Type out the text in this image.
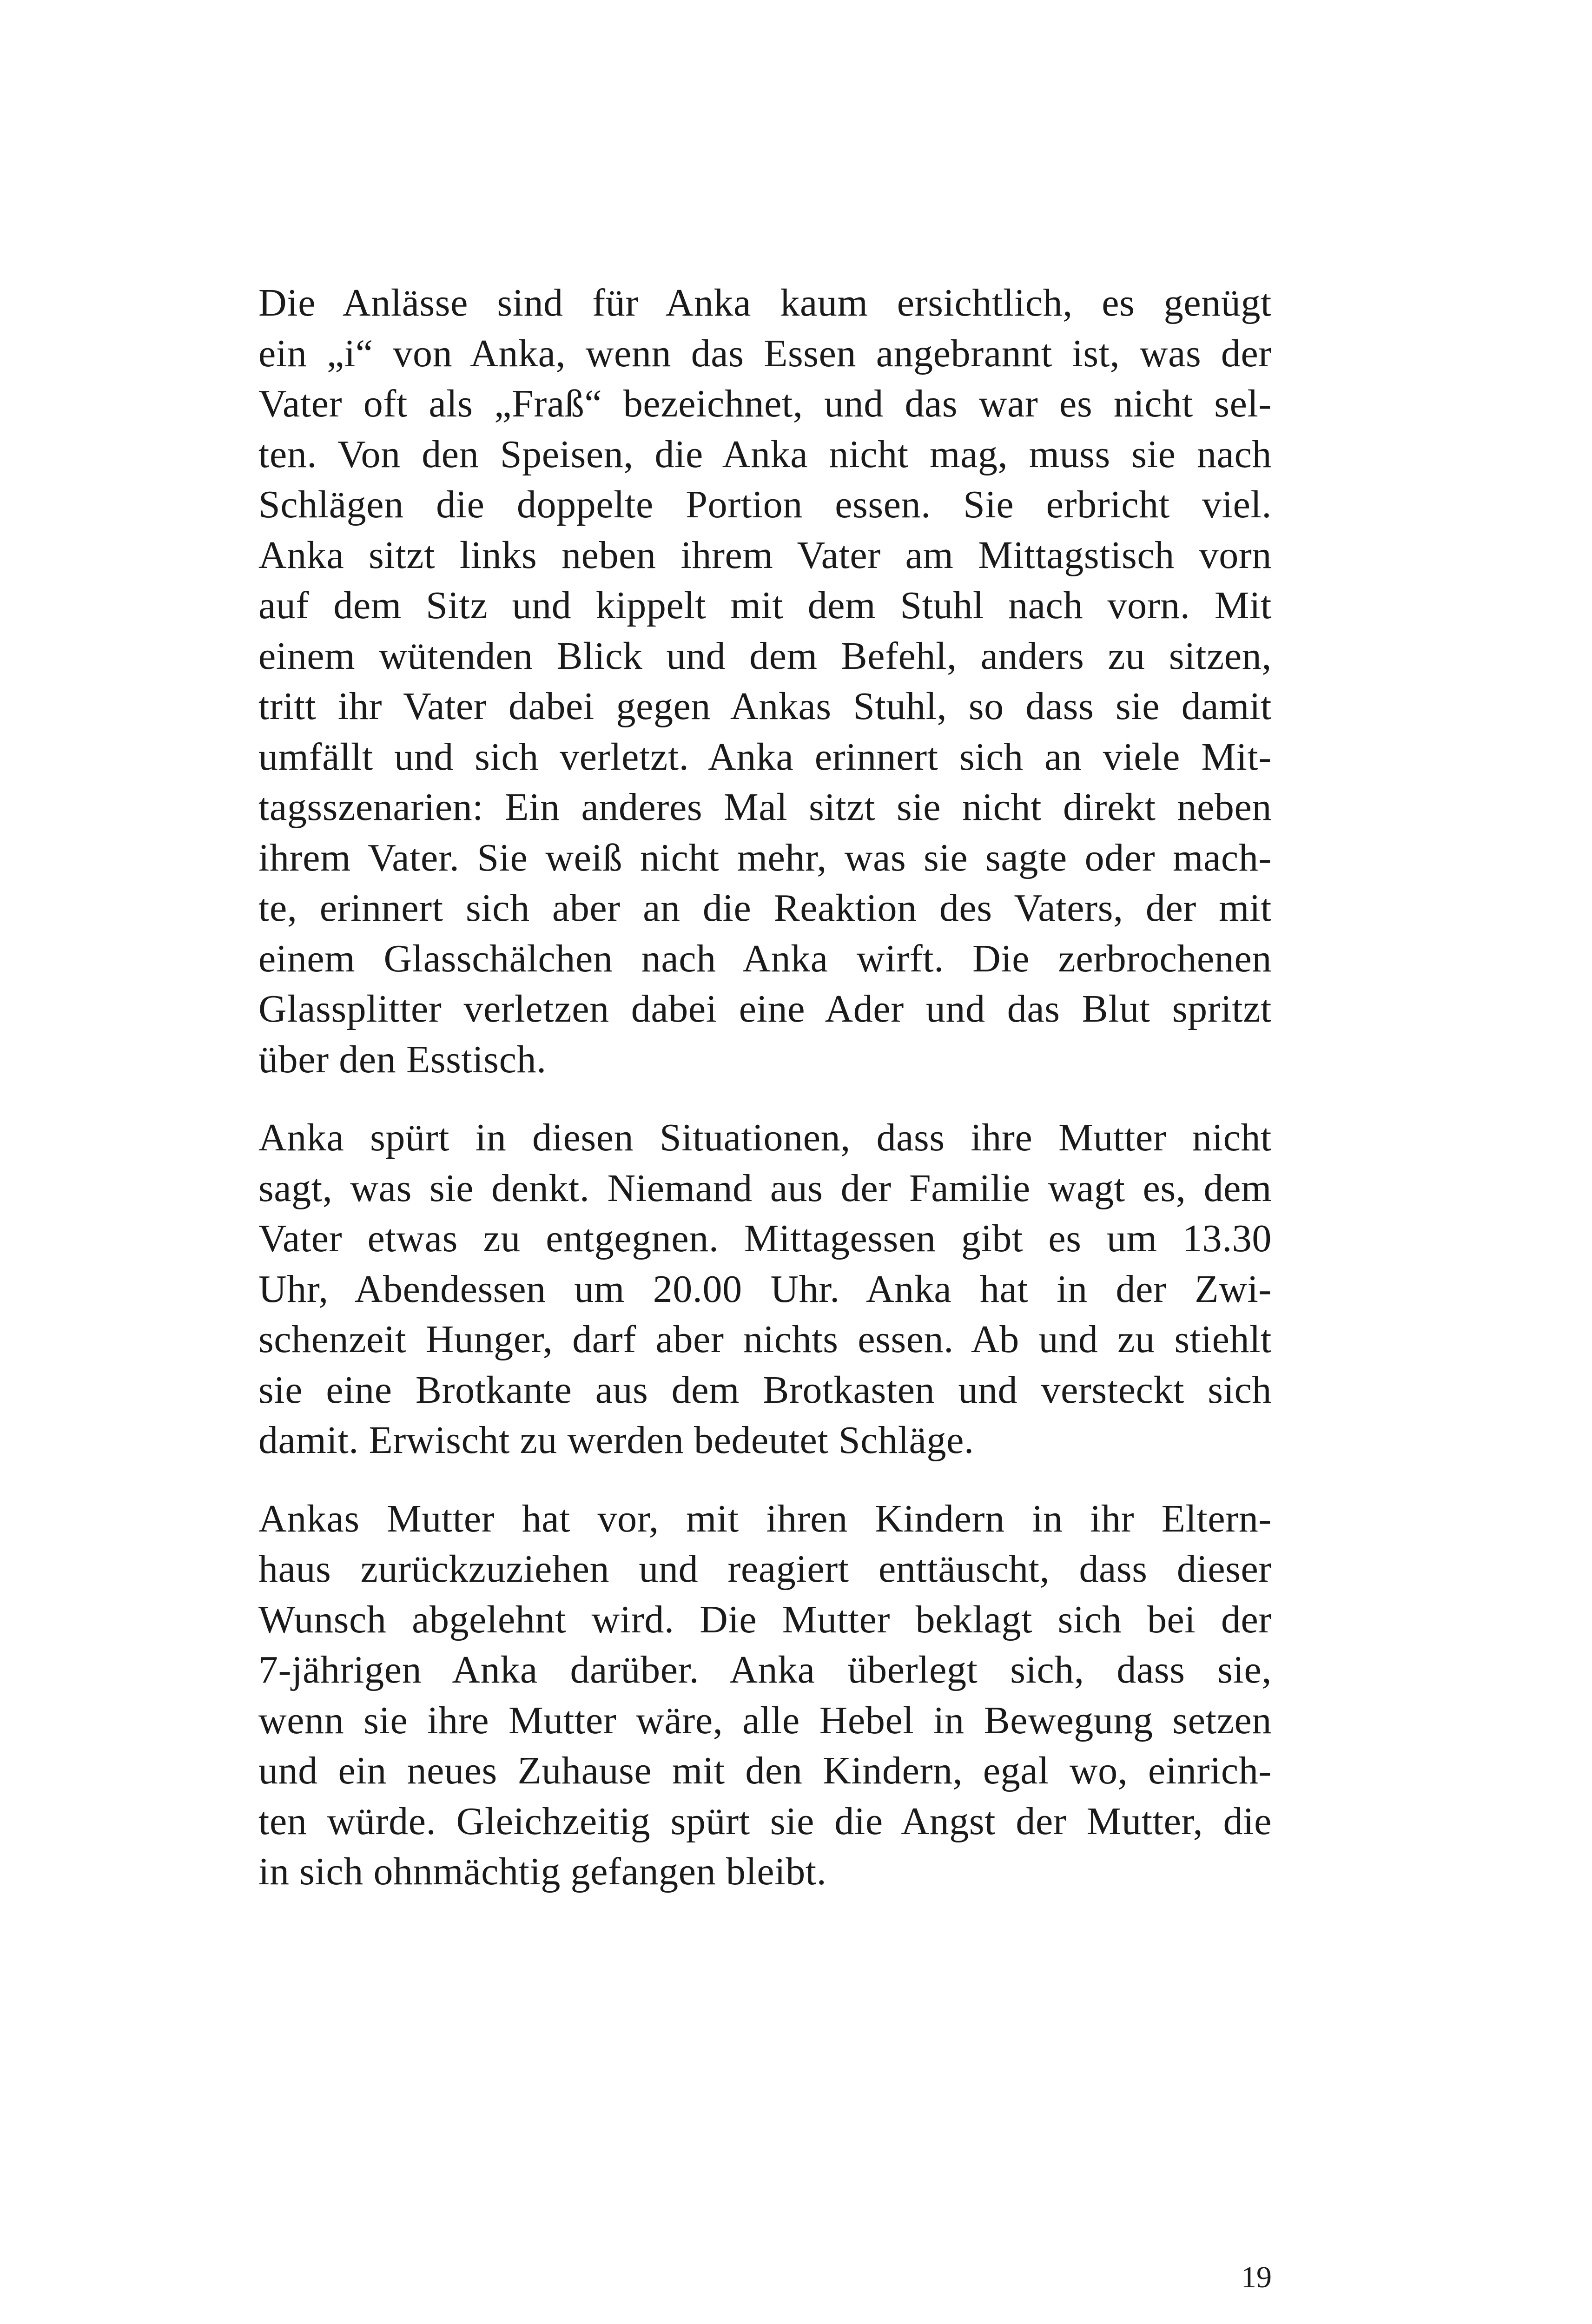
Die Anlässe sind für Anka kaum ersichtlich, es genügt
ein „i“ von Anka, wenn das Essen angebrannt ist, was der
Vater oft als „Fraß“ bezeichnet, und das war es nicht sel-
ten. Von den Speisen, die Anka nicht mag, muss sie nach
Schlägen die doppelte Portion essen. Sie erbricht viel.
Anka sitzt links neben ihrem Vater am Mittagstisch vorn
auf dem Sitz und kippelt mit dem Stuhl nach vorn. Mit
einem wütenden Blick und dem Befehl, anders zu sitzen,
tritt ihr Vater dabei gegen Ankas Stuhl, so dass sie damit
umfällt und sich verletzt. Anka erinnert sich an viele Mit-
tagsszenarien: Ein anderes Mal sitzt sie nicht direkt neben
ihrem Vater. Sie weiß nicht mehr, was sie sagte oder mach-
te, erinnert sich aber an die Reaktion des Vaters, der mit
einem Glasschälchen nach Anka wirft. Die zerbrochenen
Glassplitter verletzen dabei eine Ader und das Blut spritzt
über den Esstisch.

Anka spürt in diesen Situationen, dass ihre Mutter nicht
sagt, was sie denkt. Niemand aus der Familie wagt es, dem
Vater etwas zu entgegnen. Mittagessen gibt es um 13.30
Uhr, Abendessen um 20.00 Uhr. Anka hat in der Zwi-
schenzeit Hunger, darf aber nichts essen. Ab und zu stiehlt
sie eine Brotkante aus dem Brotkasten und versteckt sich
damit. Erwischt zu werden bedeutet Schläge.

Ankas Mutter hat vor, mit ihren Kindern in ihr Eltern-
haus zurückzuziehen und reagiert enttäuscht, dass dieser
Wunsch abgelehnt wird. Die Mutter beklagt sich bei der
7-jährigen Anka darüber. Anka überlegt sich, dass sie,
wenn sie ihre Mutter wäre, alle Hebel in Bewegung setzen
und ein neues Zuhause mit den Kindern, egal wo, einrich-
ten würde. Gleichzeitig spürt sie die Angst der Mutter, die
in sich ohnmächtig gefangen bleibt.

19
